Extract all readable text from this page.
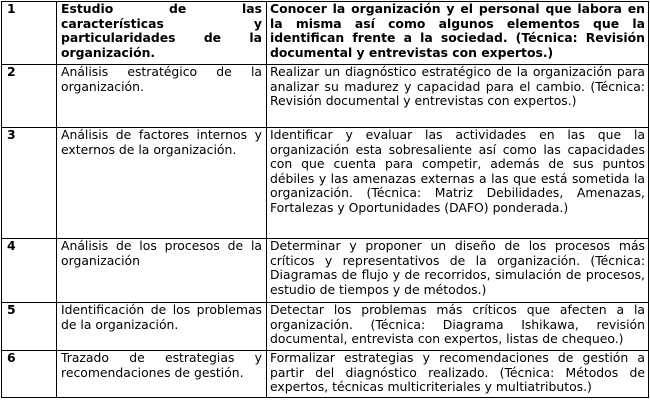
1	Estudio de las características y particularidades de la organización.	Conocer la organización y el personal que labora en la misma así como algunos elementos que la identifican frente a la sociedad. (Técnica: Revisión documental y entrevistas con expertos.)
2	Análisis estratégico de la organización.	Realizar un diagnóstico estratégico de la organización para analizar su madurez y capacidad para el cambio. (Técnica: Revisión documental y entrevistas con expertos.)
3	Análisis de factores internos y externos de la organización.	Identificar y evaluar las actividades en las que la organización esta sobresaliente así como las capacidades con que cuenta para competir, además de sus puntos débiles y las amenazas externas a las que está sometida la organización. (Técnica: Matriz Debilidades, Amenazas, Fortalezas y Oportunidades (DAFO) ponderada.)
4	Análisis de los procesos de la organización	Determinar y proponer un diseño de los procesos más críticos y representativos de la organización. (Técnica: Diagramas de flujo y de recorridos, simulación de procesos, estudio de tiempos y de métodos.)
5	Identificación de los problemas de la organización.	Detectar los problemas más críticos que afecten a la organización. (Técnica: Diagrama Ishikawa, revisión documental, entrevista con expertos, listas de chequeo.)
6	Trazado de estrategias y recomendaciones de gestión.	Formalizar estrategias y recomendaciones de gestión a partir del diagnóstico realizado. (Técnica: Métodos de expertos, técnicas multicriteriales y multiatributos.)
